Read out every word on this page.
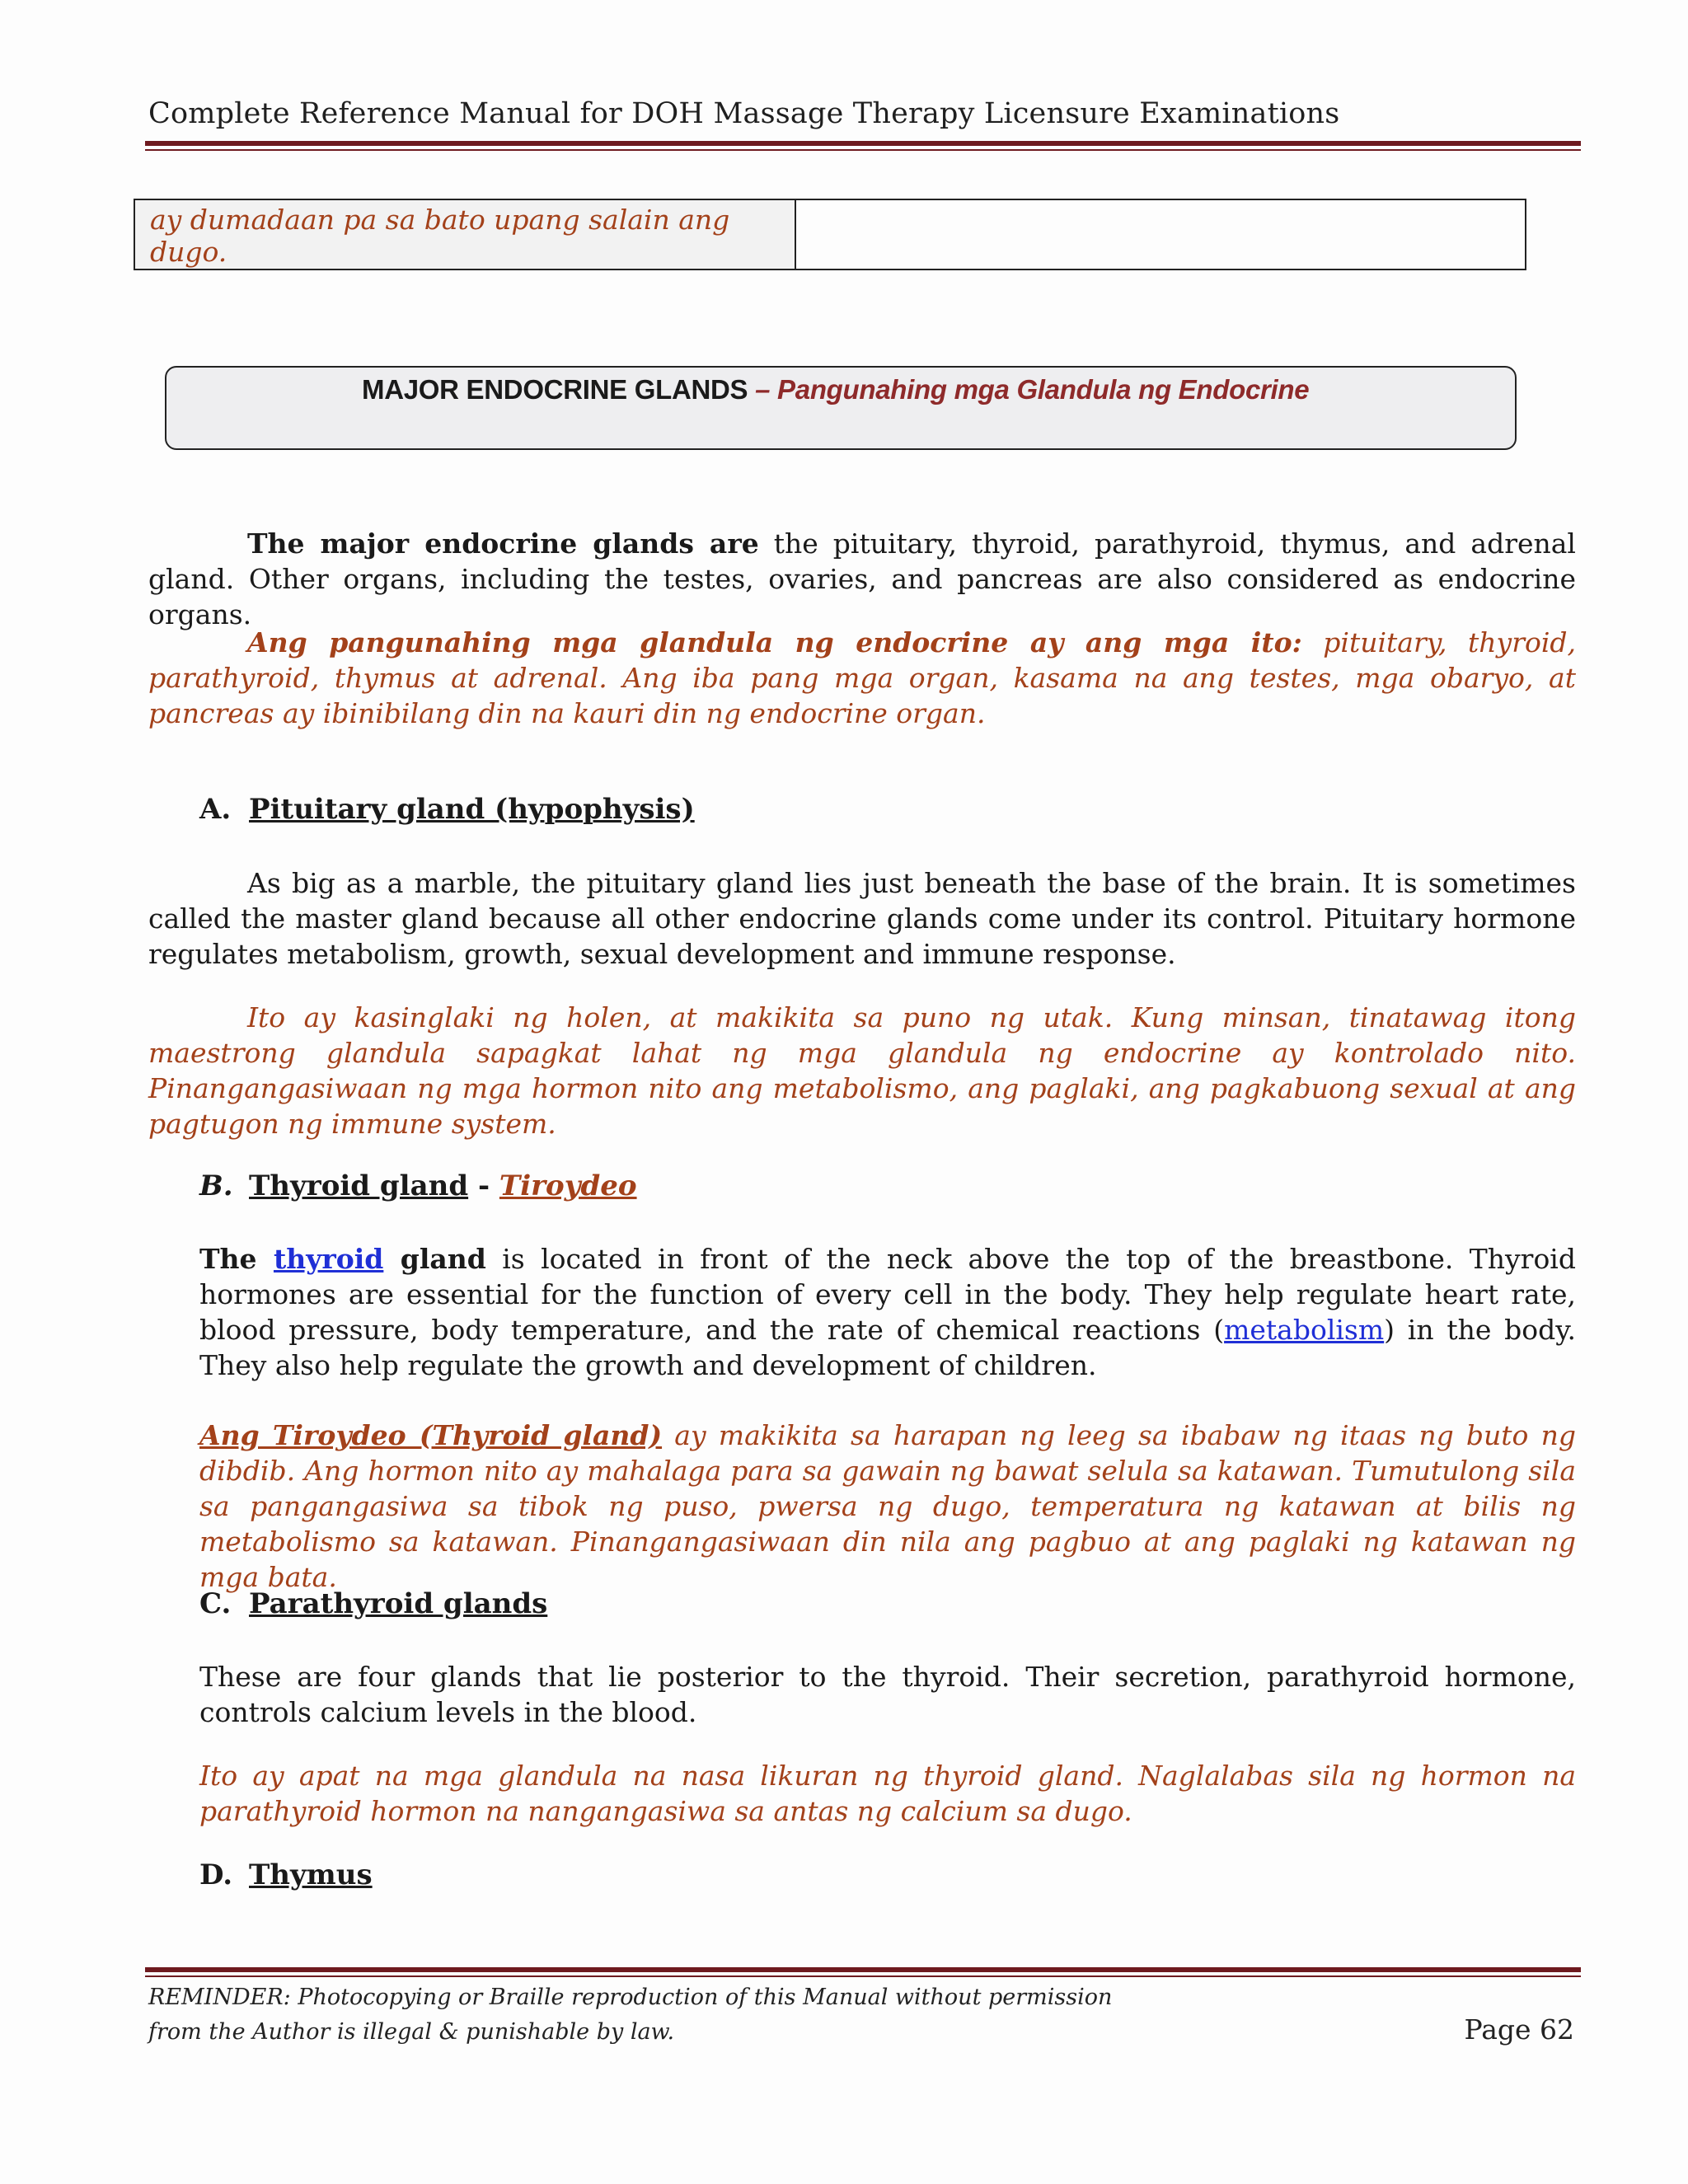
Complete Reference Manual for DOH Massage Therapy Licensure Examinations
ay dumadaan pa sa bato upang salain ang dugo.
MAJOR ENDOCRINE GLANDS – Pangunahing mga Glandula ng Endocrine
The major endocrine glands are the pituitary, thyroid, parathyroid, thymus, and adrenal gland. Other organs, including the testes, ovaries, and pancreas are also considered as endocrine organs.
Ang pangunahing mga glandula ng endocrine ay ang mga ito: pituitary, thyroid, parathyroid, thymus at adrenal. Ang iba pang mga organ, kasama na ang testes, mga obaryo, at pancreas ay ibinibilang din na kauri din ng endocrine organ.
A. Pituitary gland (hypophysis)
As big as a marble, the pituitary gland lies just beneath the base of the brain. It is sometimes called the master gland because all other endocrine glands come under its control. Pituitary hormone regulates metabolism, growth, sexual development and immune response.
Ito ay kasinglaki ng holen, at makikita sa puno ng utak. Kung minsan, tinatawag itong maestrong glandula sapagkat lahat ng mga glandula ng endocrine ay kontrolado nito. Pinangangasiwaan ng mga hormon nito ang metabolismo, ang paglaki, ang pagkabuong sexual at ang pagtugon ng immune system.
B. Thyroid gland - Tiroydeo
The thyroid gland is located in front of the neck above the top of the breastbone. Thyroid hormones are essential for the function of every cell in the body. They help regulate heart rate, blood pressure, body temperature, and the rate of chemical reactions (metabolism) in the body. They also help regulate the growth and development of children.
Ang Tiroydeo (Thyroid gland) ay makikita sa harapan ng leeg sa ibabaw ng itaas ng buto ng dibdib. Ang hormon nito ay mahalaga para sa gawain ng bawat selula sa katawan. Tumutulong sila sa pangangasiwa sa tibok ng puso, pwersa ng dugo, temperatura ng katawan at bilis ng metabolismo sa katawan. Pinangangasiwaan din nila ang pagbuo at ang paglaki ng katawan ng mga bata.
C. Parathyroid glands
These are four glands that lie posterior to the thyroid. Their secretion, parathyroid hormone, controls calcium levels in the blood.
Ito ay apat na mga glandula na nasa likuran ng thyroid gland. Naglalabas sila ng hormon na parathyroid hormon na nangangasiwa sa antas ng calcium sa dugo.
D. Thymus
REMINDER: Photocopying or Braille reproduction of this Manual without permission
from the Author is illegal & punishable by law.	Page 62
